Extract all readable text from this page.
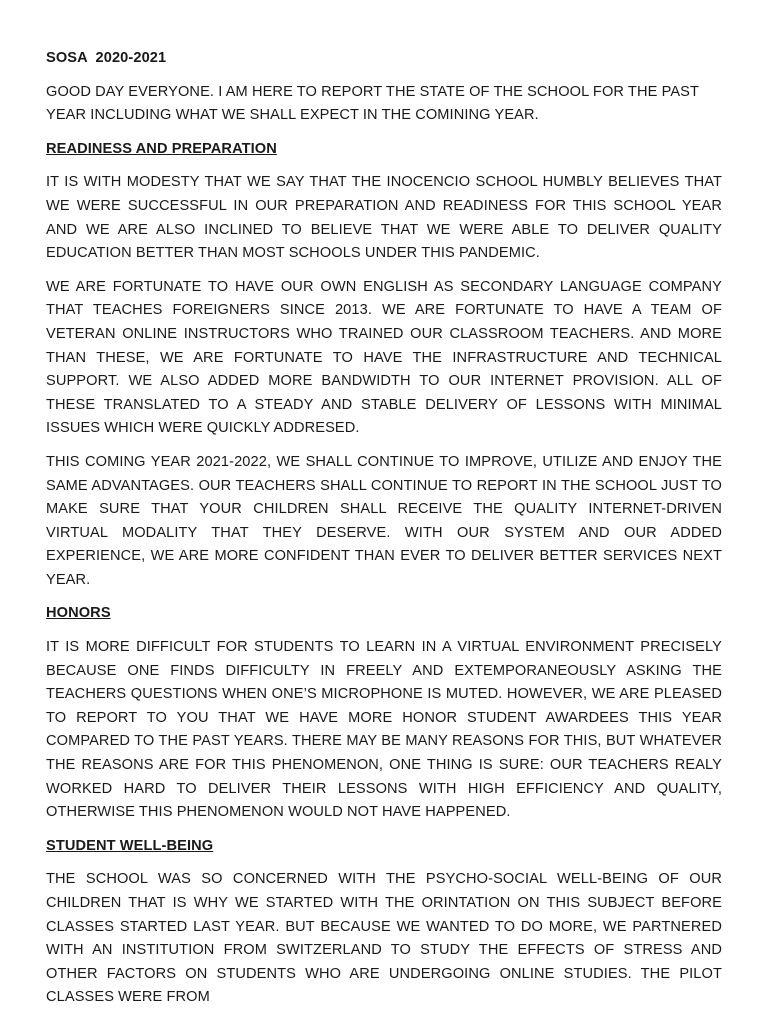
SOSA  2020-2021

GOOD DAY EVERYONE. I AM HERE TO REPORT THE STATE OF THE SCHOOL FOR THE PAST YEAR INCLUDING WHAT WE SHALL EXPECT IN THE COMINING YEAR.

READINESS AND PREPARATION

IT IS WITH MODESTY THAT WE SAY THAT THE INOCENCIO SCHOOL HUMBLY BELIEVES THAT WE WERE SUCCESSFUL IN OUR PREPARATION AND READINESS FOR THIS SCHOOL YEAR AND WE ARE ALSO INCLINED TO BELIEVE THAT WE WERE ABLE TO DELIVER QUALITY EDUCATION BETTER THAN MOST SCHOOLS UNDER THIS PANDEMIC.

WE ARE FORTUNATE TO HAVE OUR OWN ENGLISH AS SECONDARY LANGUAGE COMPANY THAT TEACHES FOREIGNERS SINCE 2013. WE ARE FORTUNATE TO HAVE A TEAM OF VETERAN ONLINE INSTRUCTORS WHO TRAINED OUR CLASSROOM TEACHERS. AND MORE THAN THESE, WE ARE FORTUNATE TO HAVE THE INFRASTRUCTURE AND TECHNICAL SUPPORT. WE ALSO ADDED MORE BANDWIDTH TO OUR INTERNET PROVISION. ALL OF THESE TRANSLATED TO A STEADY AND STABLE DELIVERY OF LESSONS WITH MINIMAL ISSUES WHICH WERE QUICKLY ADDRESED.

THIS COMING YEAR 2021-2022, WE SHALL CONTINUE TO IMPROVE, UTILIZE AND ENJOY THE SAME ADVANTAGES. OUR TEACHERS SHALL CONTINUE TO REPORT IN THE SCHOOL JUST TO MAKE SURE THAT YOUR CHILDREN SHALL RECEIVE THE QUALITY INTERNET-DRIVEN VIRTUAL MODALITY THAT THEY DESERVE. WITH OUR SYSTEM AND OUR ADDED EXPERIENCE, WE ARE MORE CONFIDENT THAN EVER TO DELIVER BETTER SERVICES NEXT YEAR.

HONORS

IT IS MORE DIFFICULT FOR STUDENTS TO LEARN IN A VIRTUAL ENVIRONMENT PRECISELY BECAUSE ONE FINDS DIFFICULTY IN FREELY AND EXTEMPORANEOUSLY ASKING THE TEACHERS QUESTIONS WHEN ONE’S MICROPHONE IS MUTED. HOWEVER, WE ARE PLEASED TO REPORT TO YOU THAT WE HAVE MORE HONOR STUDENT AWARDEES THIS YEAR COMPARED TO THE PAST YEARS. THERE MAY BE MANY REASONS FOR THIS, BUT WHATEVER THE REASONS ARE FOR THIS PHENOMENON, ONE THING IS SURE: OUR TEACHERS REALY WORKED HARD TO DELIVER THEIR LESSONS WITH HIGH EFFICIENCY AND QUALITY, OTHERWISE THIS PHENOMENON WOULD NOT HAVE HAPPENED.

STUDENT WELL-BEING

THE SCHOOL WAS SO CONCERNED WITH THE PSYCHO-SOCIAL WELL-BEING OF OUR CHILDREN THAT IS WHY WE STARTED WITH THE ORINTATION ON THIS SUBJECT BEFORE CLASSES STARTED LAST YEAR. BUT BECAUSE WE WANTED TO DO MORE, WE PARTNERED WITH AN INSTITUTION FROM SWITZERLAND TO STUDY THE EFFECTS OF STRESS AND OTHER FACTORS ON STUDENTS WHO ARE UNDERGOING ONLINE STUDIES. THE PILOT CLASSES WERE FROM
